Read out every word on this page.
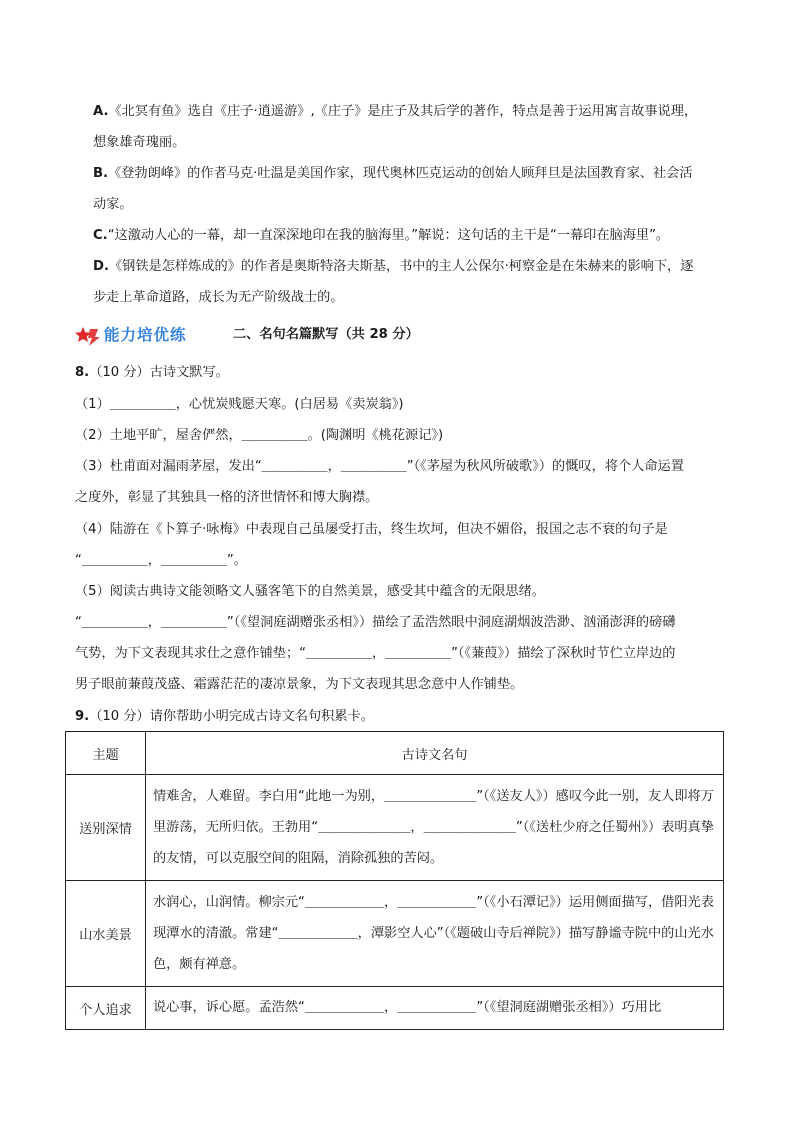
A.《北冥有鱼》选自《庄子·逍遥游》,《庄子》是庄子及其后学的著作，特点是善于运用寓言故事说理，
想象雄奇瑰丽。
B.《登勃朗峰》的作者马克·吐温是美国作家，现代奥林匹克运动的创始人顾拜旦是法国教育家、社会活
动家。
C.“这激动人心的一幕，却一直深深地印在我的脑海里。”解说：这句话的主干是“一幕印在脑海里”。
D.《钢铁是怎样炼成的》的作者是奥斯特洛夫斯基，书中的主人公保尔·柯察金是在朱赫来的影响下，逐
步走上革命道路，成长为无产阶级战士的。
能力培优练	二、名句名篇默写（共 28 分）
8.（10 分）古诗文默写。
（1）＿＿＿＿＿，心忧炭贱愿天寒。(白居易《卖炭翁》)
（2）土地平旷，屋舍俨然，＿＿＿＿＿。(陶渊明《桃花源记》)
（3）杜甫面对漏雨茅屋，发出“＿＿＿＿＿，＿＿＿＿＿”（《茅屋为秋风所破歌》）的慨叹，将个人命运置
之度外，彰显了其独具一格的济世情怀和博大胸襟。
（4）陆游在《卜算子·咏梅》中表现自己虽屡受打击，终生坎坷，但决不媚俗，报国之志不衰的句子是
“＿＿＿＿＿，＿＿＿＿＿”。
（5）阅读古典诗文能领略文人骚客笔下的自然美景，感受其中蕴含的无限思绪。
“＿＿＿＿＿，＿＿＿＿＿”（《望洞庭湖赠张丞相》）描绘了孟浩然眼中洞庭湖烟波浩渺、汹涌澎湃的磅礴
气势，为下文表现其求仕之意作铺垫；“＿＿＿＿＿，＿＿＿＿＿”（《蒹葭》）描绘了深秋时节伫立岸边的
男子眼前蒹葭茂盛、霜露茫茫的凄凉景象，为下文表现其思念意中人作铺垫。
9.（10 分）请你帮助小明完成古诗文名句积累卡。
主题	古诗文名句
送别深情	情难舍，人难留。李白用“此地一为别，＿＿＿＿＿＿＿”（《送友人》）感叹今此一别，友人即将万里游荡，无所归依。王勃用“＿＿＿＿＿＿＿，＿＿＿＿＿＿＿”（《送杜少府之任蜀州》）表明真挚的友情，可以克服空间的阻隔，消除孤独的苦闷。
山水美景	水润心，山润情。柳宗元“＿＿＿＿＿＿，＿＿＿＿＿＿”（《小石潭记》）运用侧面描写，借阳光表现潭水的清澈。常建“＿＿＿＿＿＿，潭影空人心”（《题破山寺后禅院》）描写静谧寺院中的山光水色，颇有禅意。
个人追求	说心事，诉心愿。孟浩然“＿＿＿＿＿＿，＿＿＿＿＿＿”（《望洞庭湖赠张丞相》）巧用比
